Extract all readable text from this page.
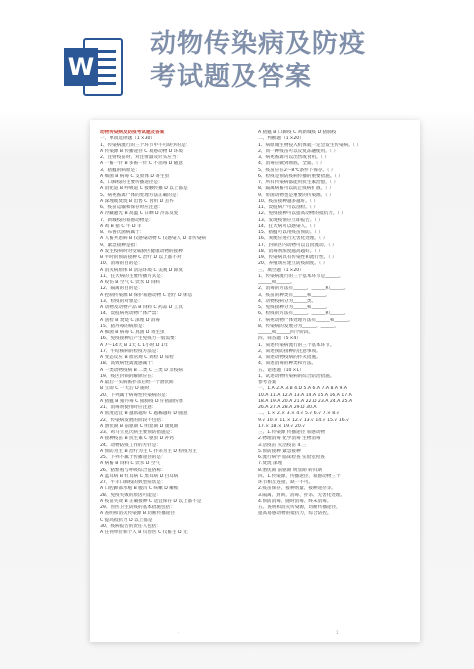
W
动物传染病及防疫
考试题及答案

动物传染病及防疫考试题及答案

一、单项选择题（1′×30）

1、传染病流行的三个环节中不可缺少的是：

A 传染源 B 传播途径 C 易感动物 D 环境

2、注射疫苗时，对注射器及针头应当：

A 一畜一针 B 多畜一针 C 不消毒 D 随意

3、猪瘟的病原是：

A 细菌 B 病毒 C 支原体 D 寄生虫

4、口蹄疫的主要传播途径是：

A 消化道 B 呼吸道 C 接触传播 D 以上都是

5、病死畜禽尸体的处理方法正确的是：

A 深埋或焚烧 B 出售 C 食用 D 丢弃

6、疫苗运输和保存时应注意：

A 冷藏避光 B 高温 C 日晒 D 冷冻反复

7、新城疫的易感动物是：

A 鸡 B 猪 C 牛 D 羊

8、布鲁氏菌病属于：

A 人畜共患病 B 仅感染动物 C 仅感染人 D 非传染病

9、紧急接种是指：

A 发生疫病时对受威胁区健康动物的接种

B 平时的预防接种 C 治疗 D 以上都不对

10、消毒的目的是：

A 消灭病原体 B 清洁环境 C 美观 D 除臭

11、狂犬病的主要传播方式是：

A 咬伤 B 空气 C 饮水 D 饲料

12、隔离的目的是：

A 控制传染源 B 保护易感动物 C 治疗 D 休息

13、检疫的对象是：

A 动物及动物产品 B 饲料 C 药品 D 工具

14、炭疽病死动物尸体严禁：

A 剖检 B 焚烧 C 深埋 D 消毒

15、猪丹毒的病原是：

A 细菌 B 病毒 C 真菌 D 寄生虫

16、免疫接种后产生免疫力一般需要：

A 7～14天 B 1天 C 1小时 D 1年

17、牛结核病的检疫方法是：

A 变态反应 B 血常规 C 粪检 D 尿检

18、高致病性禽流感属于：

A 一类动物疫病 B 二类 C 三类 D 非疫病

19、疫区封锁的解除应在：

A 最后一头病畜扑杀后经一个潜伏期

B 立即 C 一天后 D 随时

20、下列属于病毒性传染病的是：

A 猪瘟 B 猪丹毒 C 猪肺疫 D 仔猪副伤寒

21、消毒剂使用时应注意：

A 浓度适宜 B 越浓越好 C 越稀越好 D 随意

22、传染病发展的阶段不包括：

A 潜伏期 B 前驱期 C 明显期 D 康复期

23、鸡马立克氏病主要预防措施是：

A 接种疫苗 B 抗生素 C 驱虫 D 补钙

24、动物防疫工作的方针是：

A 预防为主 B 治疗为主 C 扑杀为主 D 检疫为主

25、下列不属于传播途径的是：

A 病畜 B 饲料 C 饮水 D 空气

26、猪繁殖与呼吸综合征俗称：

A 蓝耳病 B 红耳病 C 黑耳病 D 白耳病

27、牛羊口蹄疫的典型症状是：

A 口腔蹄部水疱 B 腹泻 C 咳嗽 D 瘫痪

28、免疫失败的原因可能是：

A 疫苗失效 B 正确接种 C 适宜保存 D 以上都不是

29、兽医卫生防疫的基本措施包括：

A 查明和消灭传染源 B 切断传播途径

C 提高抵抗力 D 以上都是

30、疫病报告的责任人包括：

A 任何单位和个人 B 仅兽医 C 仅畜主 D 无

A 猪瘟 B 口蹄疫 C 鸡新城疫 D 猪肺疫

二、判断题（1′×20）

1、病原微生物侵入机体就一定会发生传染病。（ ）

2、同一种疫苗可以反复冻融使用。（ ）

3、病死畜禽可以出售或食用。（ ）

4、消毒应做到彻底、全面。（ ）

5、疫苗应在2～8℃条件下保存。（ ）

6、检疫是预防疫病传播的重要措施。（ ）

7、所有传染病都能用抗生素治愈。（ ）

8、隔离病畜可以防止疫病扩散。（ ）

9、带菌动物也是重要的传染源。（ ）

10、疫苗接种越多越好。（ ）

11、炭疽病尸可以剖检。（ ）

12、免疫接种可以提高动物的抵抗力。（ ）

13、发现疫情应立即报告。（ ）

14、狂犬病可以感染人。（ ）

15、猪瘟可以用疫苗预防。（ ）

16、粪便应进行无害化处理。（ ）

17、封锁区内动物可以自由流动。（ ）

18、消毒剂浓度越高越好。（ ）

19、传染病具有传染性和流行性。（ ）

20、养殖场应建立防疫制度。（ ）

三、填空题（1′×20）

1、传染病流行的三个基本环节是______、

______和______。

2、消毒的方法有______、______和______。

3、疫苗的种类有______和______。

4、动物疫病分为______类。

5、免疫接种分为______和______。

6、检疫的方法有______、______和______。

7、病死动物尸体处理方法有______和______。

8、传染病的发展分为______、______、

______和______四个阶段。

四、简答题（5′×4）

1、简述传染病流行的三个基本环节。

2、简述预防接种的注意事项。

3、简述动物疫病的扑灭措施。

4、简述消毒的种类和方法。

五、论述题（10′×1）

1、试述动物传染病的综合防治措施。

参考答案

一、1.A 2.A 3.B 4.D 5.A 6.A 7.A 8.A 9.A

10.A 11.A 12.A 13.A 14.A 15.A 16.A 17.A

18.A 19.A 20.A 21.A 22.D 23.A 24.A 25.A

26.A 27.A 28.A 29.D 30.A

二、1.× 2.× 3.× 4.√ 5.√ 6.√ 7.× 8.√

9.√ 10.× 11.× 12.√ 13.√ 14.√ 15.√ 16.√

17.× 18.× 19.√ 20.√

三、1.传染源 传播途径 易感动物

2.物理消毒 化学消毒 生物消毒

3.活疫苗 灭活疫苗 4.三

5.预防接种 紧急接种

6.流行病学 临床检查 实验室检查

7.焚烧 深埋

8.潜伏期 前驱期 明显期 转归期

四、1.传染源、传播途径、易感动物三个

环节相互连接，缺一不可。

2.疫苗保存、接种剂量、接种途径等。

3.隔离、封锁、消毒、扑杀、无害化处理。

4.预防消毒、随时消毒、终末消毒。

五、查明和消灭传染源，切断传播途径，

提高易感动物的抵抗力，综合防控。

·	1
